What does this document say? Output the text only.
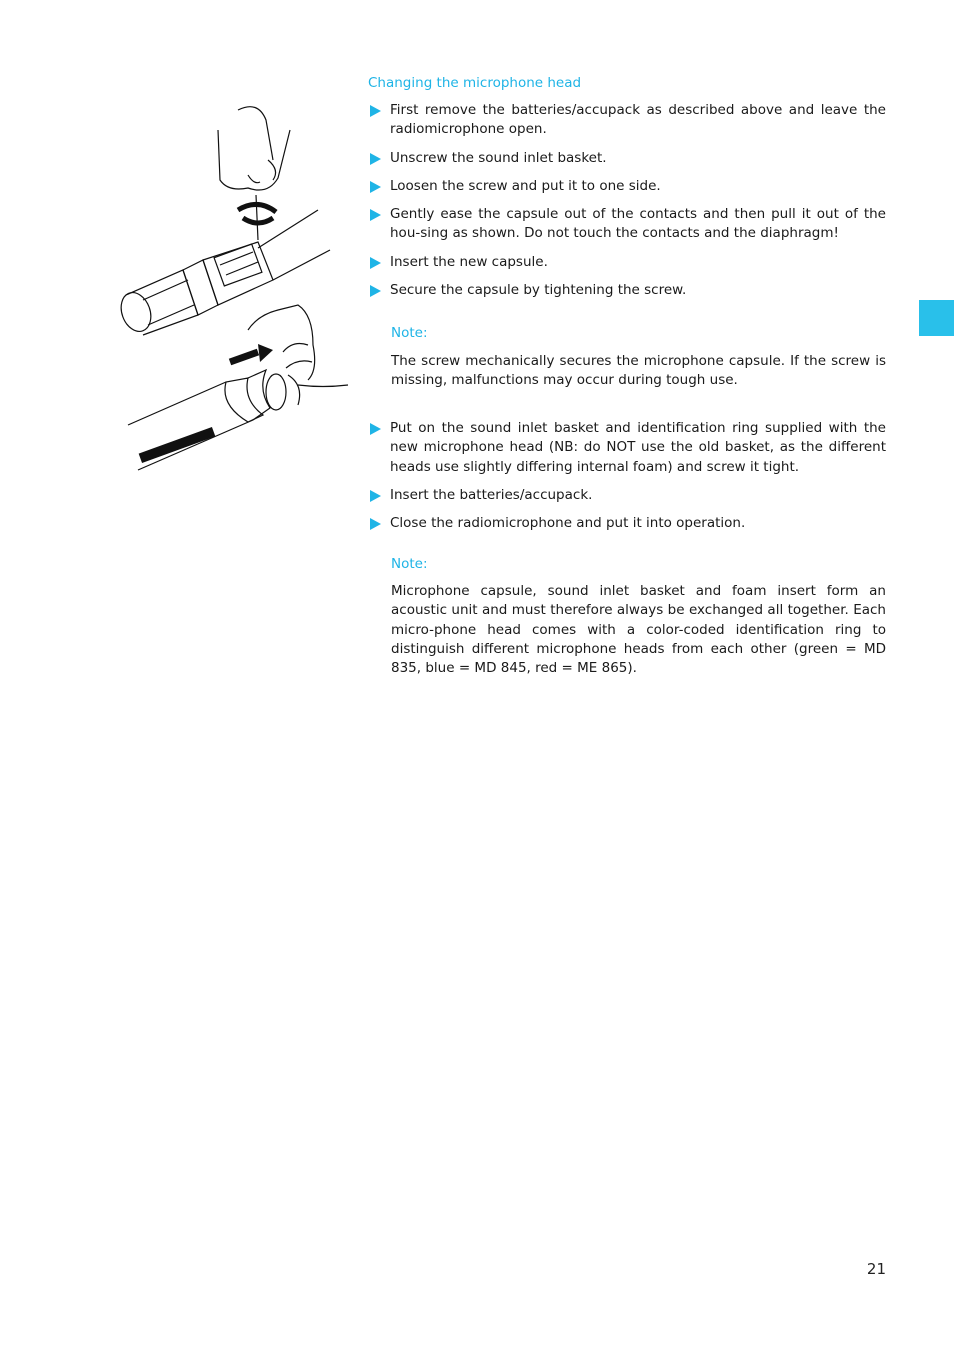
Changing the microphone head
First remove the batteries/accupack as described above and leave the radiomicrophone open.
Unscrew the sound inlet basket.
Loosen the screw and put it to one side.
Gently ease the capsule out of the contacts and then pull it out of the hou-sing as shown. Do not touch the contacts and the diaphragm!
Insert the new capsule.
Secure the capsule by tightening the screw.
Note:
The screw mechanically secures the microphone capsule. If the screw is missing, malfunctions may occur during tough use.
Put on the sound inlet basket and identification ring supplied with the new microphone head (NB: do NOT use the old basket, as the different heads use slightly differing internal foam) and screw it tight.
Insert the batteries/accupack.
Close the radiomicrophone and put it into operation.
Note:
Microphone capsule, sound inlet basket and foam insert form an acoustic unit and must therefore always be exchanged all together. Each micro-phone head comes with a color-coded identification ring to distinguish different microphone heads from each other (green = MD 835, blue = MD 845, red = ME 865).
21
